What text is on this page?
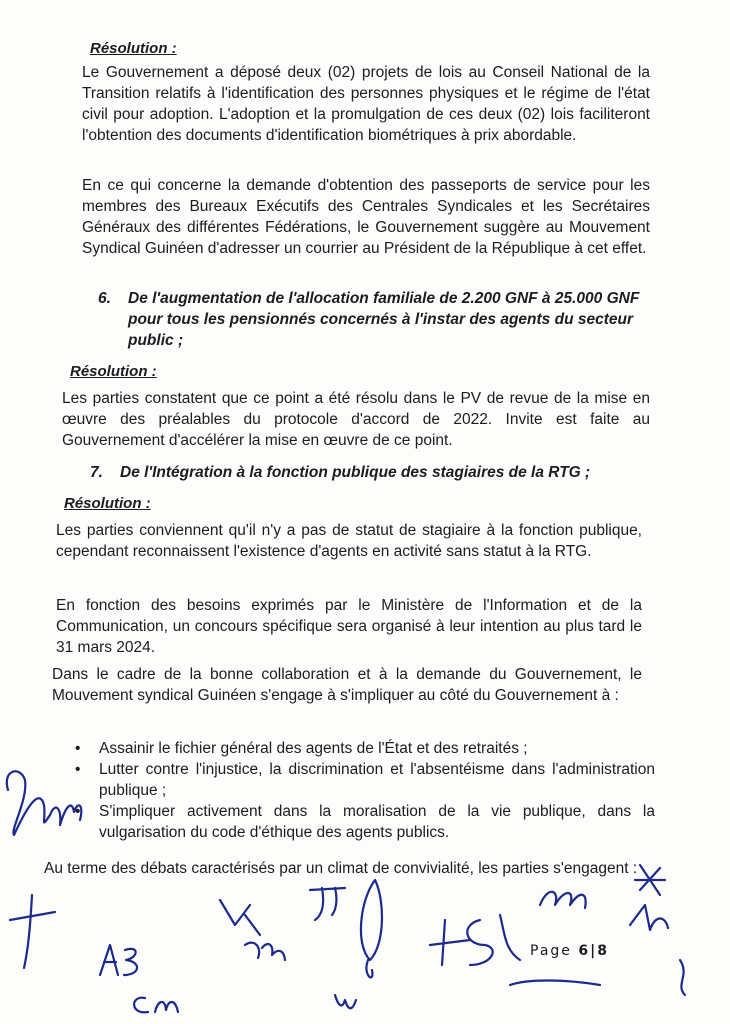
Résolution :

Le Gouvernement a déposé deux (02) projets de lois au Conseil National de la Transition relatifs à l'identification des personnes physiques et le régime de l'état civil pour adoption. L'adoption et la promulgation de ces deux (02) lois faciliteront l'obtention des documents d'identification biométriques à prix abordable.

En ce qui concerne la demande d'obtention des passeports de service pour les membres des Bureaux Exécutifs des Centrales Syndicales et les Secrétaires Généraux des différentes Fédérations, le Gouvernement suggère au Mouvement Syndical Guinéen d'adresser un courrier au Président de la République à cet effet.

6. De l'augmentation de l'allocation familiale de 2.200 GNF à 25.000 GNF pour tous les pensionnés concernés à l'instar des agents du secteur public ;
Résolution :

Les parties constatent que ce point a été résolu dans le PV de revue de la mise en œuvre des préalables du protocole d'accord de 2022. Invite est faite au Gouvernement d'accélérer la mise en œuvre de ce point.

7. De l'Intégration à la fonction publique des stagiaires de la RTG ;
Résolution :

Les parties conviennent qu'il n'y a pas de statut de stagiaire à la fonction publique, cependant reconnaissent l'existence d'agents en activité sans statut à la RTG.

En fonction des besoins exprimés par le Ministère de l'Information et de la Communication, un concours spécifique sera organisé à leur intention au plus tard le 31 mars 2024.

Dans le cadre de la bonne collaboration et à la demande du Gouvernement, le Mouvement syndical Guinéen s'engage à s'impliquer au côté du Gouvernement à :

• Assainir le fichier général des agents de l'État et des retraités ;
• Lutter contre l'injustice, la discrimination et l'absentéisme dans l'administration publique ;
• S'impliquer activement dans la moralisation de la vie publique, dans la vulgarisation du code d'éthique des agents publics.

Au terme des débats caractérisés par un climat de convivialité, les parties s'engagent :

Page 6|8
